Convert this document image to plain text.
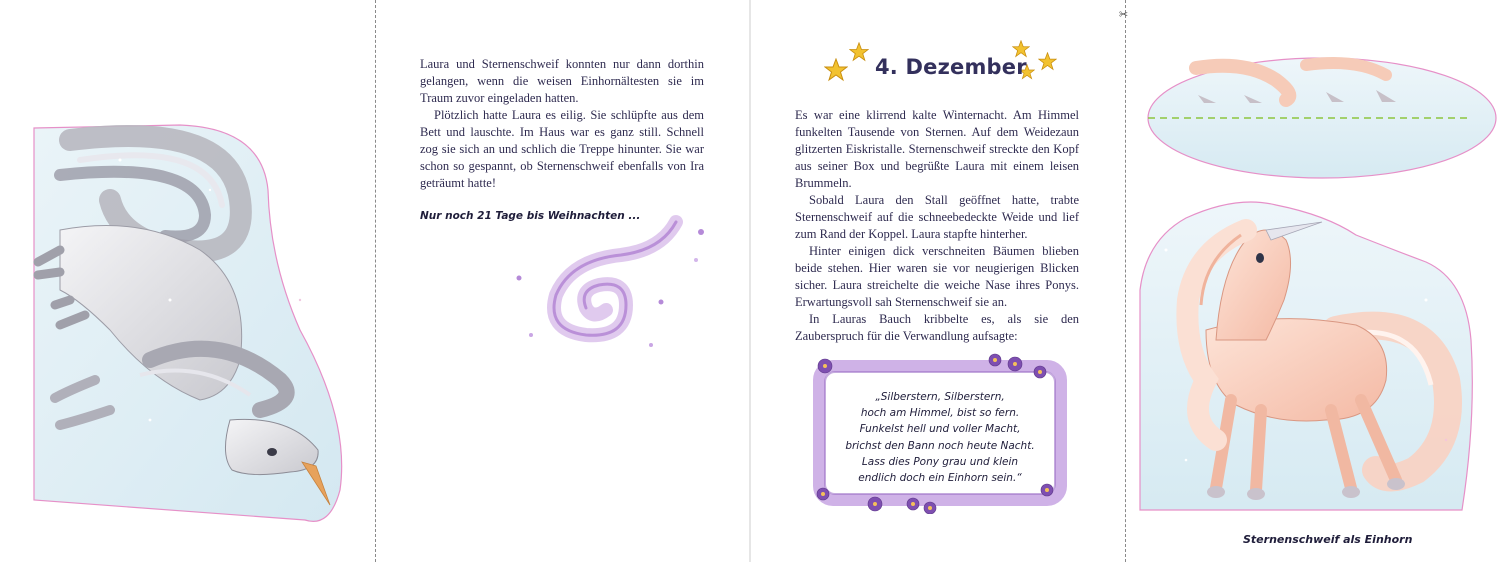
Laura und Sternenschweif konnten nur dann dorthin gelangen, wenn die weisen Einhornältesten sie im Traum zuvor eingeladen hatten.

Plötzlich hatte Laura es eilig. Sie schlüpfte aus dem Bett und lauschte. Im Haus war es ganz still. Schnell zog sie sich an und schlich die Treppe hinunter. Sie war schon so gespannt, ob Sternenschweif ebenfalls von Ira geträumt hatte!

Nur noch 21 Tage bis Weihnachten ...
4. Dezember

Es war eine klirrend kalte Winternacht. Am Himmel funkelten Tausende von Sternen. Auf dem Weidezaun glitzerten Eiskristalle. Sternenschweif streckte den Kopf aus seiner Box und begrüßte Laura mit einem leisen Brummeln.

Sobald Laura den Stall geöffnet hatte, trabte Sternenschweif auf die schneebedeckte Weide und lief zum Rand der Koppel. Laura stapfte hinterher.

Hinter einigen dick verschneiten Bäumen blieben beide stehen. Hier waren sie vor neugierigen Blicken sicher. Laura streichelte die weiche Nase ihres Ponys. Erwartungsvoll sah Sternenschweif sie an.

In Lauras Bauch kribbelte es, als sie den Zauberspruch für die Verwandlung aufsagte:

„Silberstern, Silberstern,
hoch am Himmel, bist so fern.
Funkelst hell und voller Macht,
brichst den Bann noch heute Nacht.
Lass dies Pony grau und klein
endlich doch ein Einhorn sein.“
✂
Sternenschweif als Einhorn
